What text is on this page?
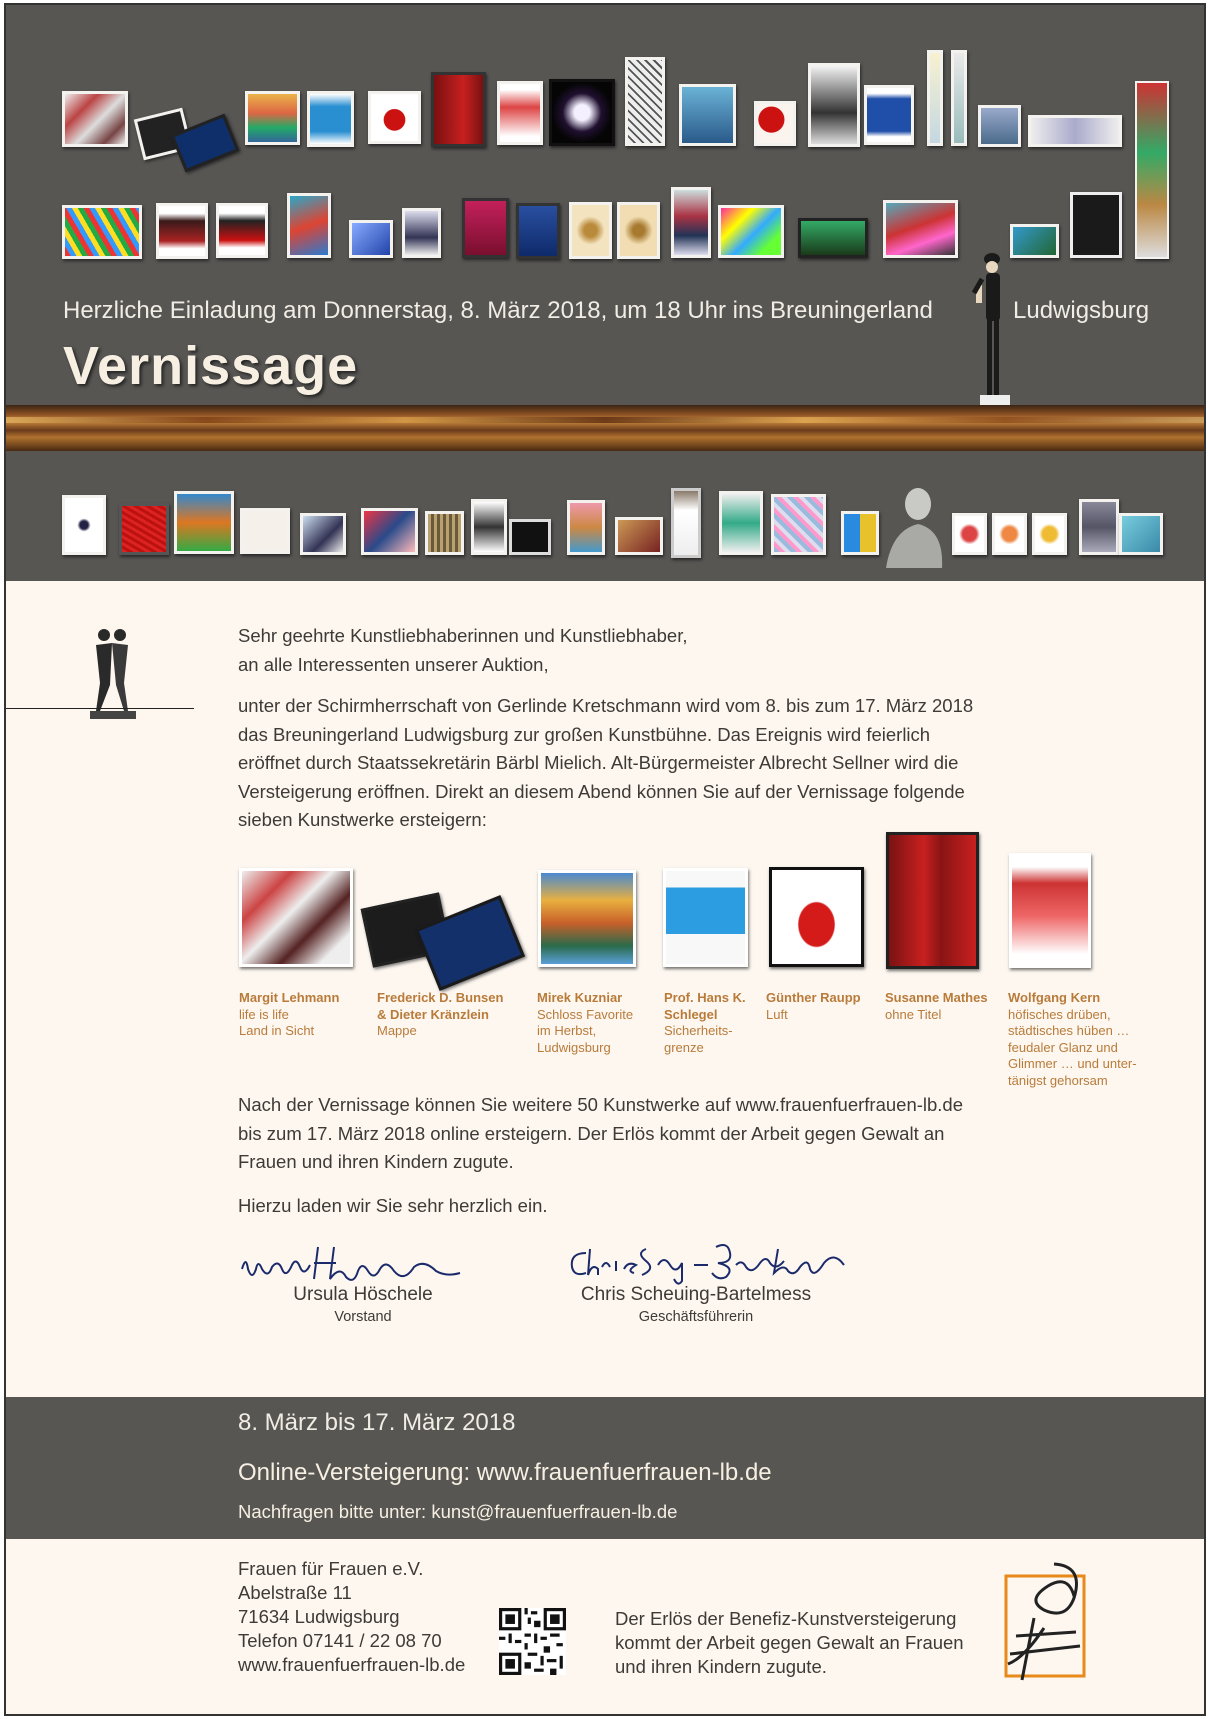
Herzliche Einladung am Donnerstag, 8. März 2018, um 18 Uhr ins Breuningerland	Ludwigsburg
Vernissage
Sehr geehrte Kunstliebhaberinnen und Kunstliebhaber,
an alle Interessenten unserer Auktion,
unter der Schirmherrschaft von Gerlinde Kretschmann wird vom 8. bis zum 17. März 2018
das Breuningerland Ludwigsburg zur großen Kunstbühne. Das Ereignis wird feierlich
eröffnet durch Staatssekretärin Bärbl Mielich. Alt-Bürgermeister Albrecht Sellner wird die
Versteigerung eröffnen. Direkt an diesem Abend können Sie auf der Vernissage folgende
sieben Kunstwerke ersteigern:
Margit Lehmann
life is life
Land in Sicht
Frederick D. Bunsen
& Dieter Kränzlein
Mappe
Mirek Kuzniar
Schloss Favorite
im Herbst,
Ludwigsburg
Prof. Hans K.
Schlegel
Sicherheits-
grenze
Günther Raupp
Luft
Susanne Mathes
ohne Titel
Wolfgang Kern
höfisches drüben,
städtisches hüben …
feudaler Glanz und
Glimmer … und unter-
tänigst gehorsam
Nach der Vernissage können Sie weitere 50 Kunstwerke auf www.frauenfuerfrauen-lb.de
bis zum 17. März 2018 online ersteigern. Der Erlös kommt der Arbeit gegen Gewalt an
Frauen und ihren Kindern zugute.
Hierzu laden wir Sie sehr herzlich ein.
Ursula Höschele
Vorstand
Chris Scheuing-Bartelmess
Geschäftsführerin
8. März bis 17. März 2018
Online-Versteigerung: www.frauenfuerfrauen-lb.de
Nachfragen bitte unter: kunst@frauenfuerfrauen-lb.de
Frauen für Frauen e.V.
Abelstraße 11
71634 Ludwigsburg
Telefon 07141 / 22 08 70
www.frauenfuerfrauen-lb.de
Der Erlös der Benefiz-Kunstversteigerung
kommt der Arbeit gegen Gewalt an Frauen
und ihren Kindern zugute.
